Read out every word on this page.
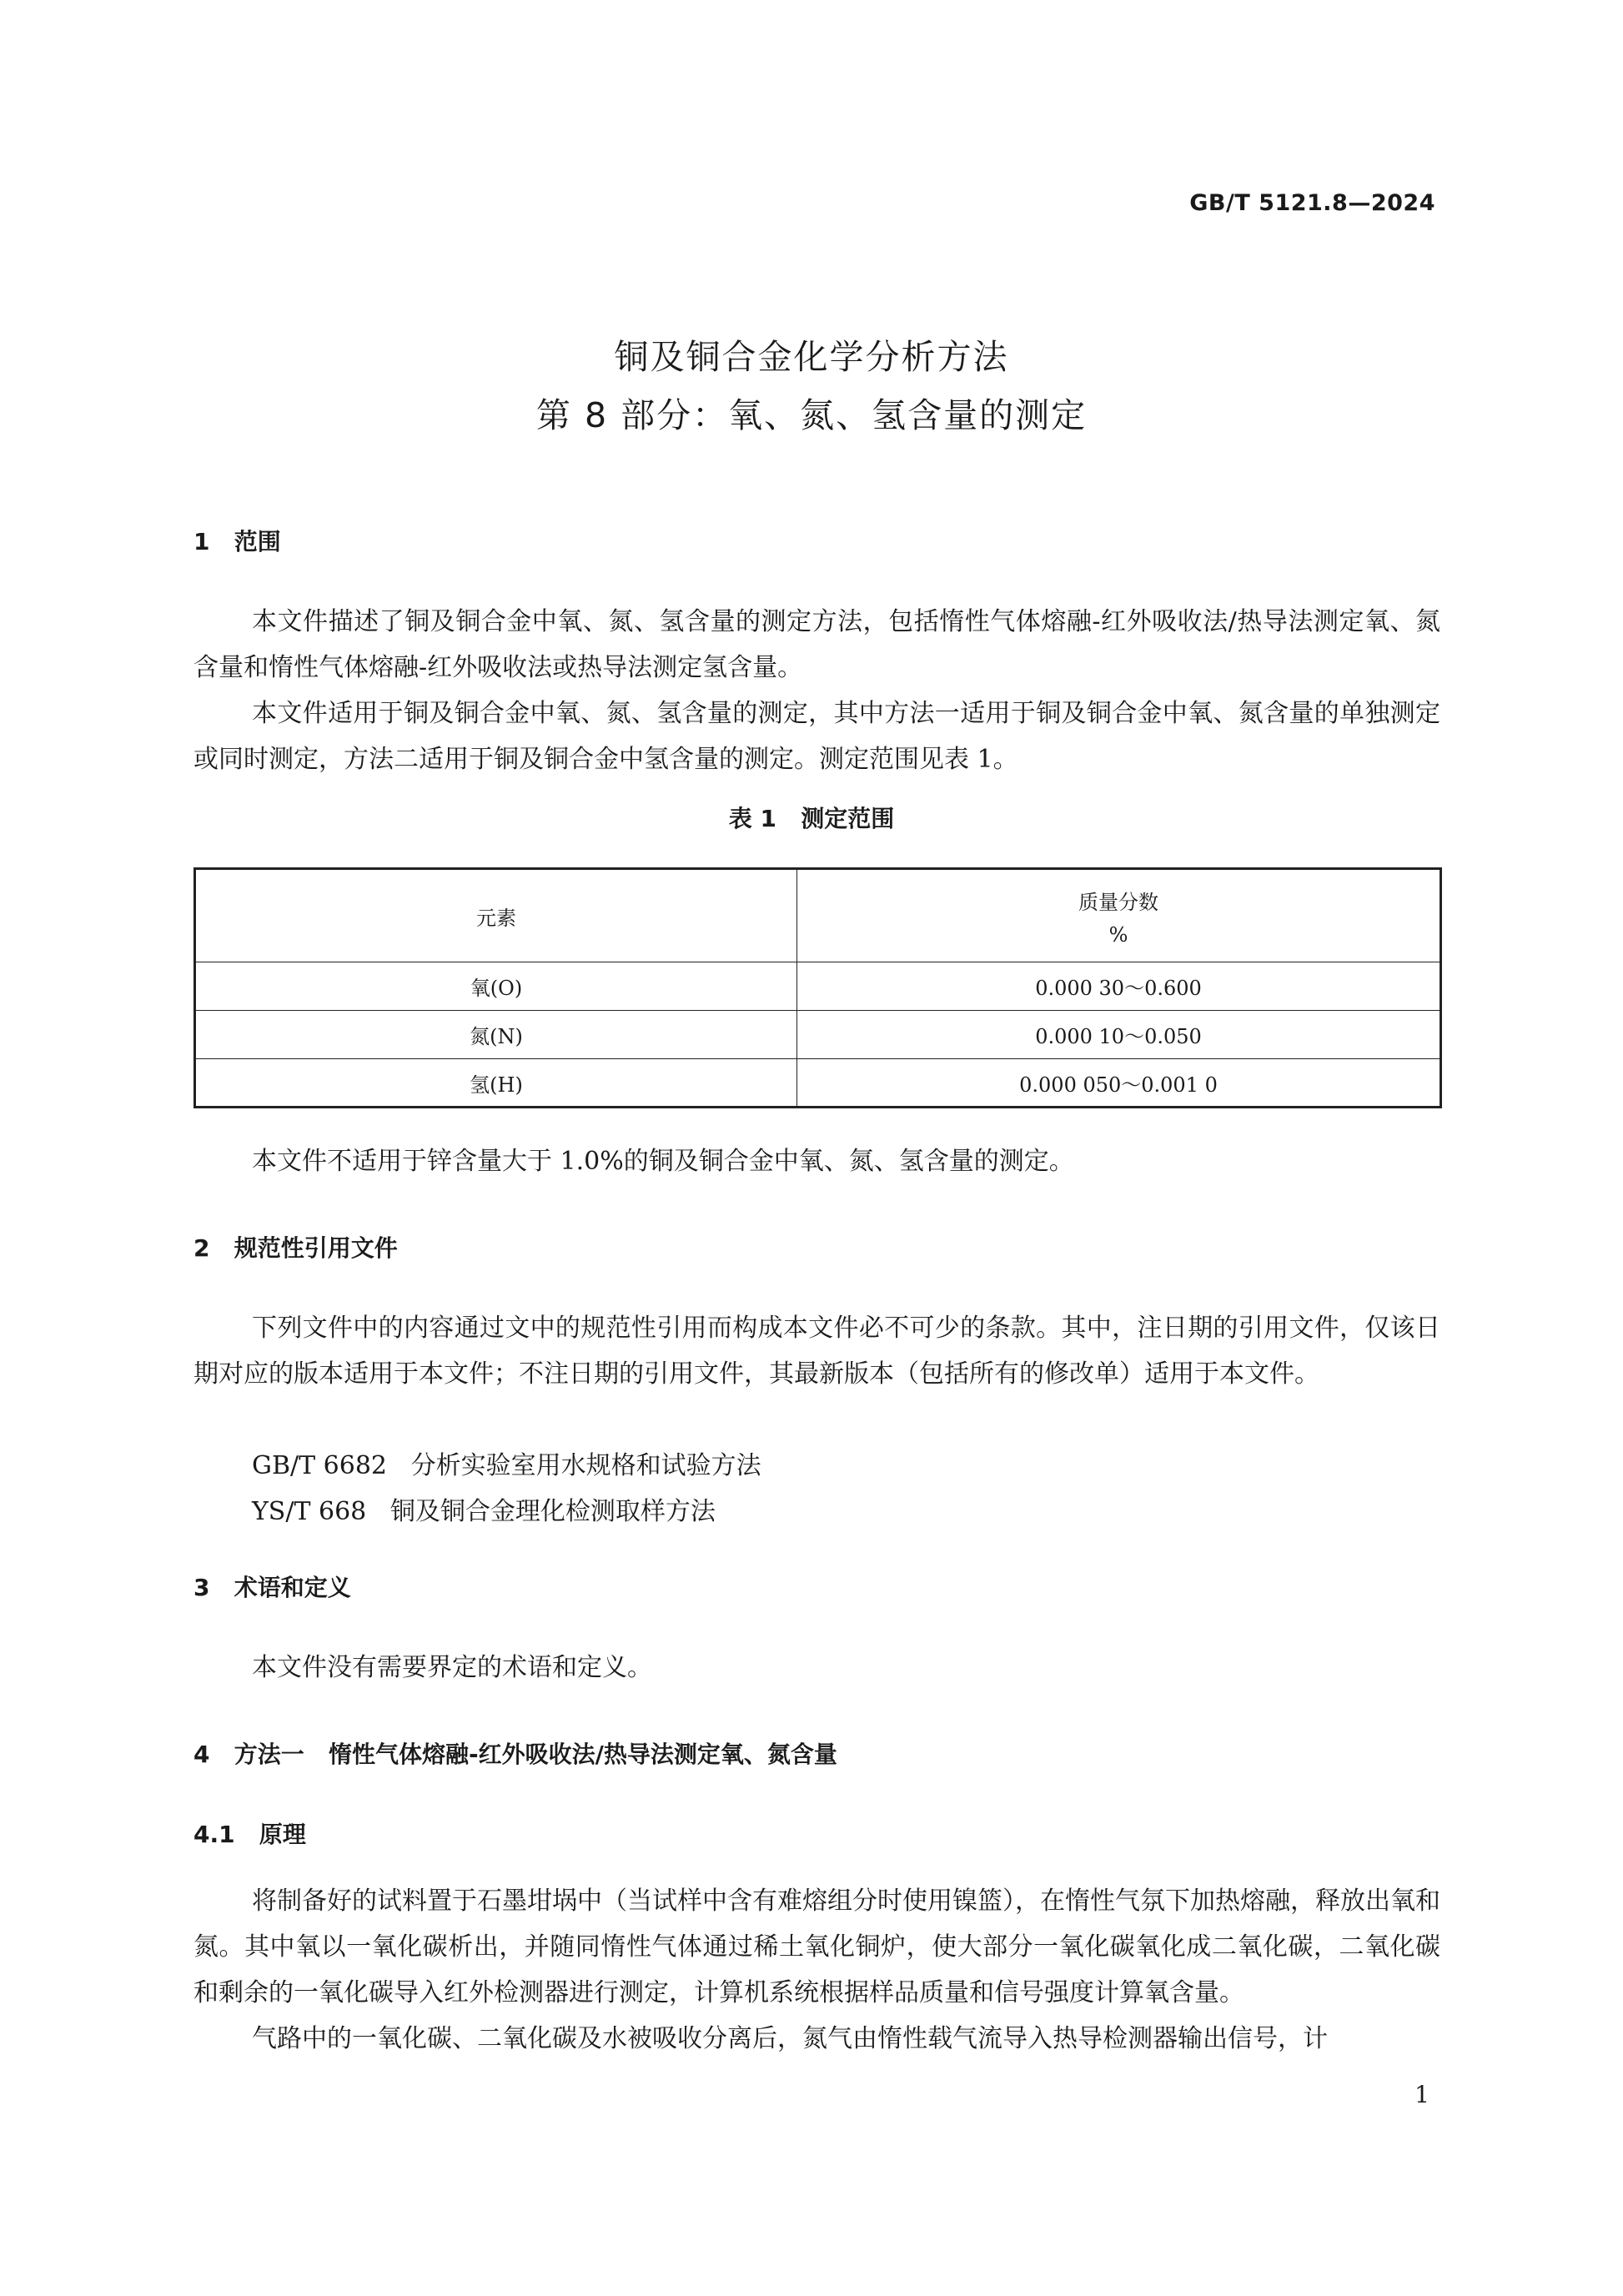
GB/T 5121.8—2024
铜及铜合金化学分析方法
第 8 部分：氧、氮、氢含量的测定
1   范围
本文件描述了铜及铜合金中氧、氮、氢含量的测定方法，包括惰性气体熔融-红外吸收法/热导法测定氧、氮含量和惰性气体熔融-红外吸收法或热导法测定氢含量。
本文件适用于铜及铜合金中氧、氮、氢含量的测定，其中方法一适用于铜及铜合金中氧、氮含量的单独测定或同时测定，方法二适用于铜及铜合金中氢含量的测定。测定范围见表 1。
表 1   测定范围
元素	质量分数
%

氧(O)	0.000 30～0.600
氮(N)	0.000 10～0.050
氢(H)	0.000 050～0.001 0
本文件不适用于锌含量大于 1.0%的铜及铜合金中氧、氮、氢含量的测定。
2   规范性引用文件
下列文件中的内容通过文中的规范性引用而构成本文件必不可少的条款。其中，注日期的引用文件，仅该日期对应的版本适用于本文件；不注日期的引用文件，其最新版本（包括所有的修改单）适用于本文件。
GB/T 6682   分析实验室用水规格和试验方法
YS/T 668   铜及铜合金理化检测取样方法
3   术语和定义
本文件没有需要界定的术语和定义。
4   方法一   惰性气体熔融-红外吸收法/热导法测定氧、氮含量
4.1   原理
将制备好的试料置于石墨坩埚中（当试样中含有难熔组分时使用镍篮），在惰性气氛下加热熔融，释放出氧和氮。其中氧以一氧化碳析出，并随同惰性气体通过稀土氧化铜炉，使大部分一氧化碳氧化成二氧化碳，二氧化碳和剩余的一氧化碳导入红外检测器进行测定，计算机系统根据样品质量和信号强度计算氧含量。
气路中的一氧化碳、二氧化碳及水被吸收分离后，氮气由惰性载气流导入热导检测器输出信号，计
1
